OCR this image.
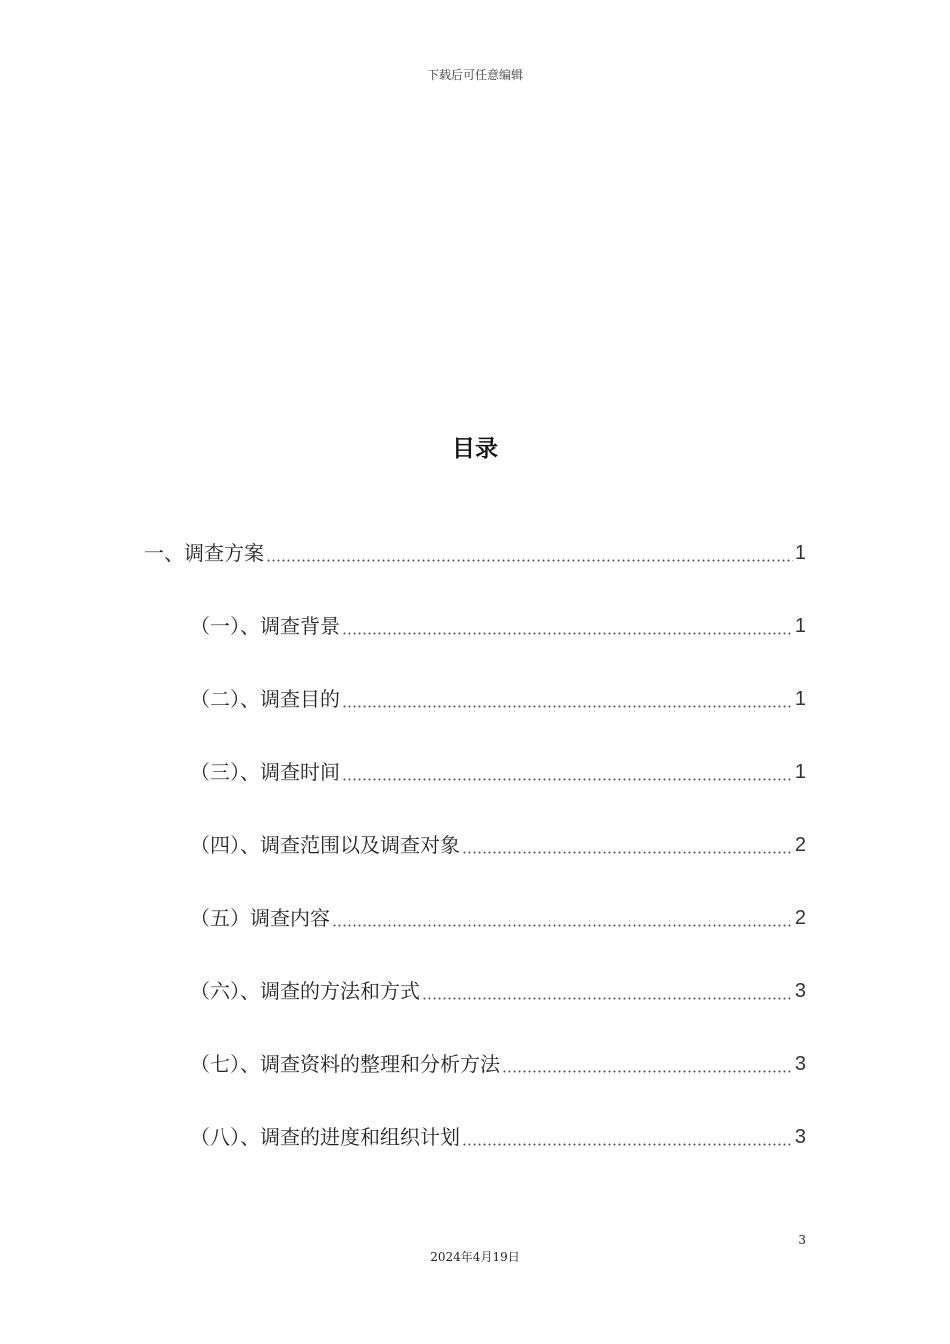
下载后可任意编辑
目录
一、调查方案	1
（一）、调查背景	1
（二）、调查目的	1
（三）、调查时间	1
（四）、调查范围以及调查对象	2
（五）调查内容	2
（六）、调查的方法和方式	3
（七）、调查资料的整理和分析方法	3
（八）、调查的进度和组织计划	3
3
2024年4月19日
